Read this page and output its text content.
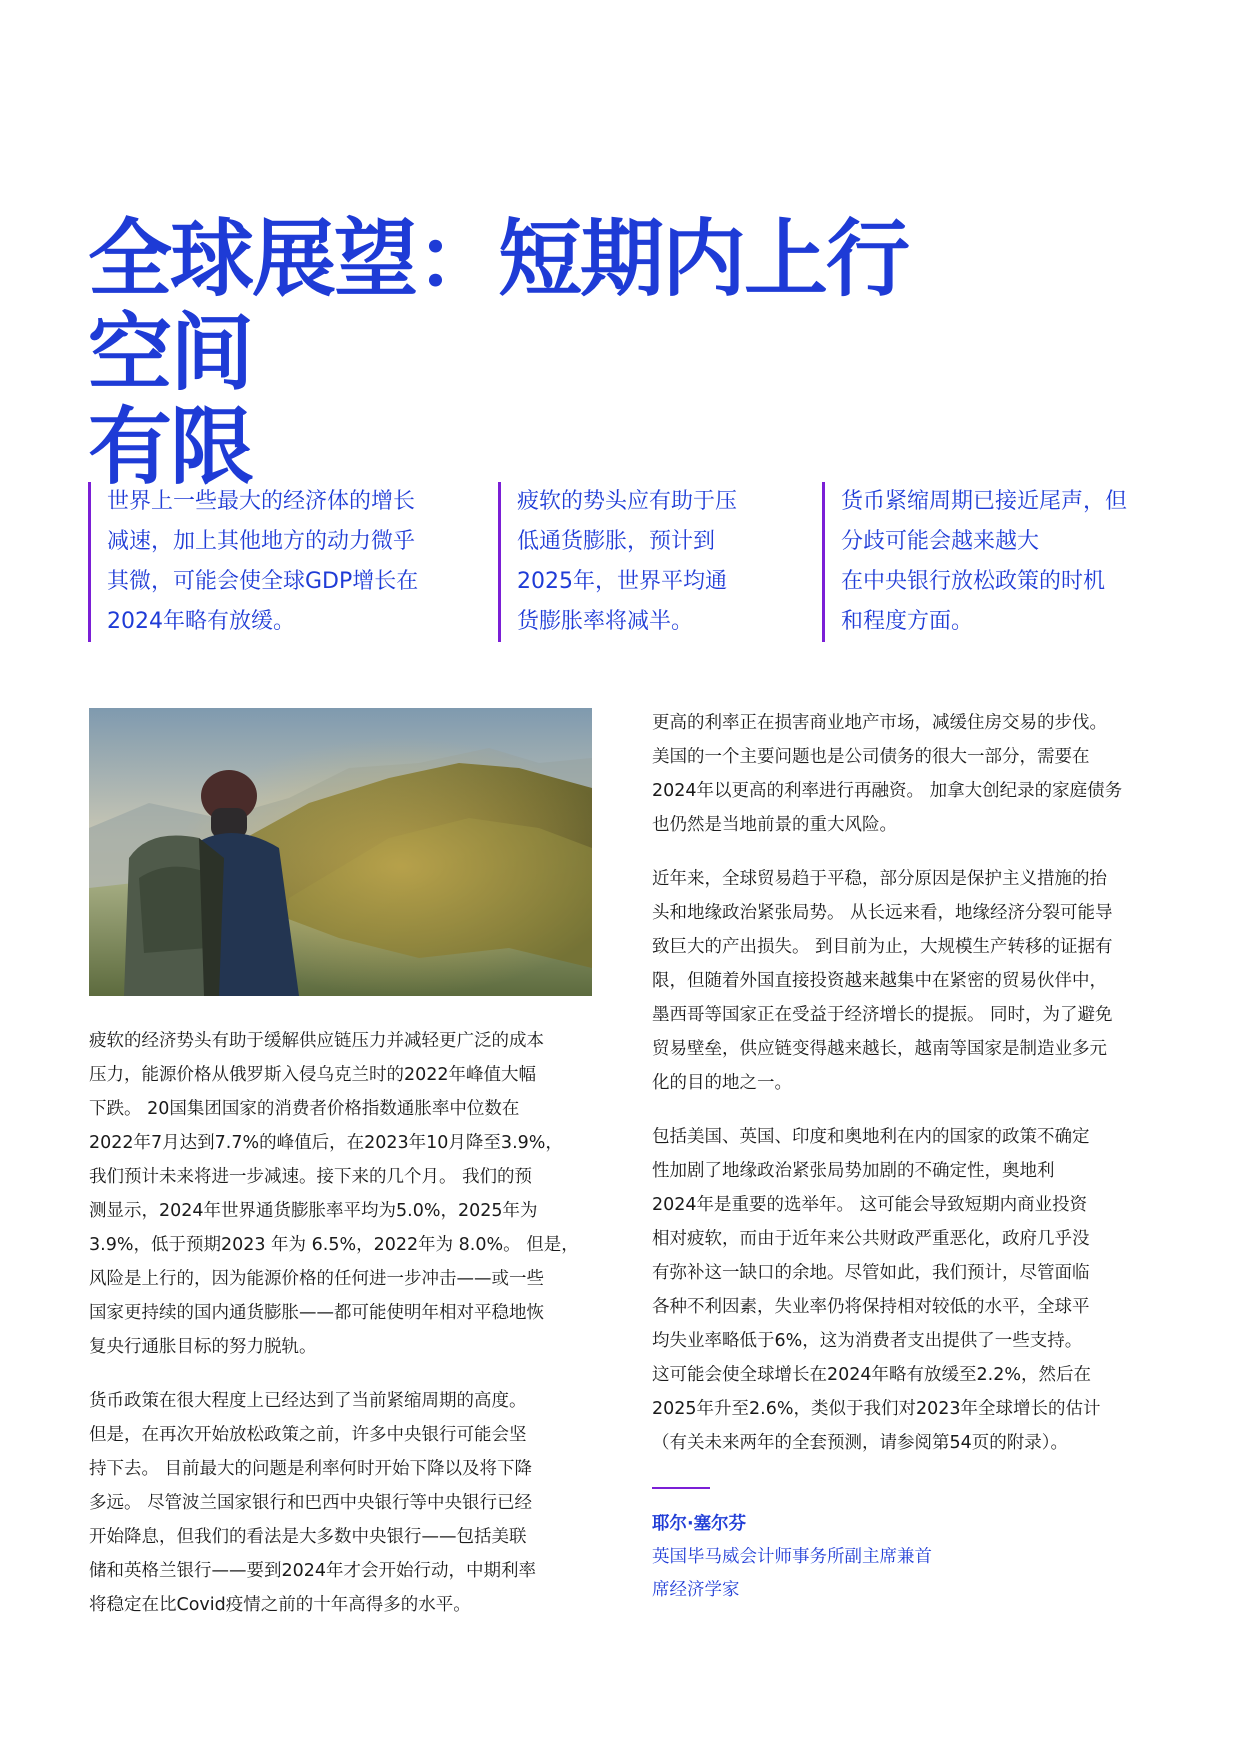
全球展望：短期内上行空间
有限
世界上一些最大的经济体的增长
减速，加上其他地方的动力微乎
其微，可能会使全球GDP增长在
2024年略有放缓。
疲软的势头应有助于压
低通货膨胀，预计到
2025年，世界平均通
货膨胀率将减半。
货币紧缩周期已接近尾声，但
分歧可能会越来越大
在中央银行放松政策的时机
和程度方面。

疲软的经济势头有助于缓解供应链压力并减轻更广泛的成本
压力，能源价格从俄罗斯入侵乌克兰时的2022年峰值大幅
下跌。 20国集团国家的消费者价格指数通胀率中位数在
2022年7月达到7.7%的峰值后，在2023年10月降至3.9%，
我们预计未来将进一步减速。接下来的几个月。 我们的预
测显示，2024年世界通货膨胀率平均为5.0%，2025年为
3.9%，低于预期2023 年为 6.5%，2022年为 8.0%。 但是，
风险是上行的，因为能源价格的任何进一步冲击——或一些
国家更持续的国内通货膨胀——都可能使明年相对平稳地恢
复央行通胀目标的努力脱轨。

货币政策在很大程度上已经达到了当前紧缩周期的高度。
但是，在再次开始放松政策之前，许多中央银行可能会坚
持下去。 目前最大的问题是利率何时开始下降以及将下降
多远。 尽管波兰国家银行和巴西中央银行等中央银行已经
开始降息，但我们的看法是大多数中央银行——包括美联
储和英格兰银行——要到2024年才会开始行动，中期利率
将稳定在比Covid疫情之前的十年高得多的水平。

更高的利率正在损害商业地产市场，减缓住房交易的步伐。
美国的一个主要问题也是公司债务的很大一部分，需要在
2024年以更高的利率进行再融资。 加拿大创纪录的家庭债务
也仍然是当地前景的重大风险。

近年来，全球贸易趋于平稳，部分原因是保护主义措施的抬
头和地缘政治紧张局势。 从长远来看，地缘经济分裂可能导
致巨大的产出损失。 到目前为止，大规模生产转移的证据有
限，但随着外国直接投资越来越集中在紧密的贸易伙伴中，
墨西哥等国家正在受益于经济增长的提振。 同时，为了避免
贸易壁垒，供应链变得越来越长，越南等国家是制造业多元
化的目的地之一。

包括美国、英国、印度和奥地利在内的国家的政策不确定
性加剧了地缘政治紧张局势加剧的不确定性，奥地利
2024年是重要的选举年。 这可能会导致短期内商业投资
相对疲软，而由于近年来公共财政严重恶化，政府几乎没
有弥补这一缺口的余地。尽管如此，我们预计，尽管面临
各种不利因素，失业率仍将保持相对较低的水平，全球平
均失业率略低于6%，这为消费者支出提供了一些支持。
这可能会使全球增长在2024年略有放缓至2.2%，然后在
2025年升至2.6%，类似于我们对2023年全球增长的估计
（有关未来两年的全套预测，请参阅第54页的附录）。

耶尔·塞尔芬
英国毕马威会计师事务所副主席兼首
席经济学家
